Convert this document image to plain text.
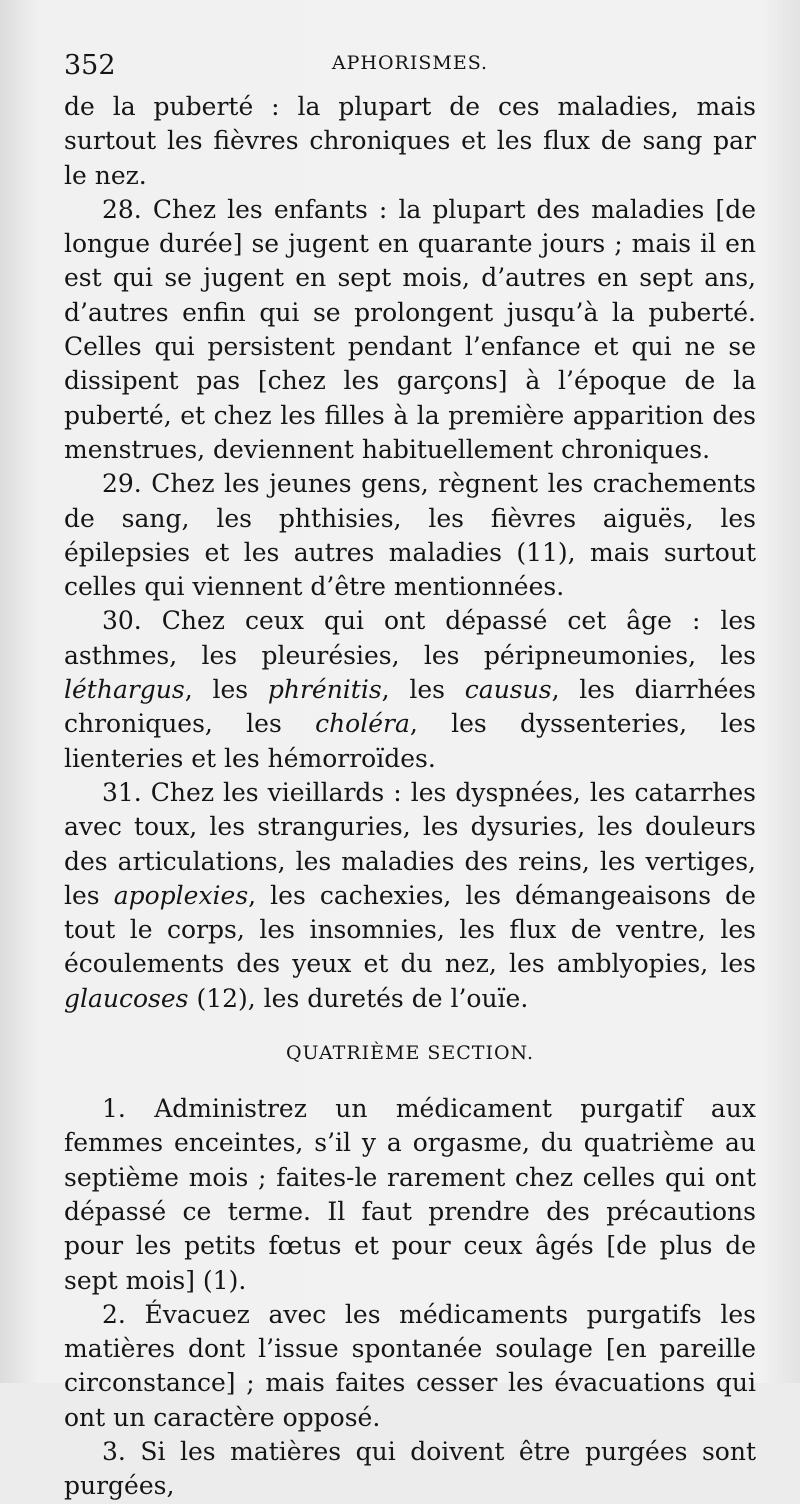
352	APHORISMES.

de la puberté : la plupart de ces maladies, mais surtout les fièvres chroniques et les flux de sang par le nez.

28. Chez les enfants : la plupart des maladies [de longue durée] se jugent en quarante jours ; mais il en est qui se jugent en sept mois, d’autres en sept ans, d’autres enfin qui se prolongent jusqu’à la puberté. Celles qui persistent pendant l’enfance et qui ne se dissipent pas [chez les garçons] à l’époque de la puberté, et chez les filles à la première apparition des menstrues, deviennent habituellement chroniques.

29. Chez les jeunes gens, règnent les crachements de sang, les phthisies, les fièvres aiguës, les épilepsies et les autres maladies (11), mais surtout celles qui viennent d’être mentionnées.

30. Chez ceux qui ont dépassé cet âge : les asthmes, les pleurésies, les péripneumonies, les léthargus, les phrénitis, les causus, les diarrhées chroniques, les choléra, les dyssenteries, les lienteries et les hémorroïdes.

31. Chez les vieillards : les dyspnées, les catarrhes avec toux, les stranguries, les dysuries, les douleurs des articulations, les maladies des reins, les vertiges, les apoplexies, les cachexies, les démangeaisons de tout le corps, les insomnies, les flux de ventre, les écoulements des yeux et du nez, les amblyopies, les glaucoses (12), les duretés de l’ouïe.

QUATRIÈME SECTION.

1. Administrez un médicament purgatif aux femmes enceintes, s’il y a orgasme, du quatrième au septième mois ; faites-le rarement chez celles qui ont dépassé ce terme. Il faut prendre des précautions pour les petits fœtus et pour ceux âgés [de plus de sept mois] (1).

2. Évacuez avec les médicaments purgatifs les matières dont l’issue spontanée soulage [en pareille circonstance] ; mais faites cesser les évacuations qui ont un caractère opposé.

3. Si les matières qui doivent être purgées sont purgées,
